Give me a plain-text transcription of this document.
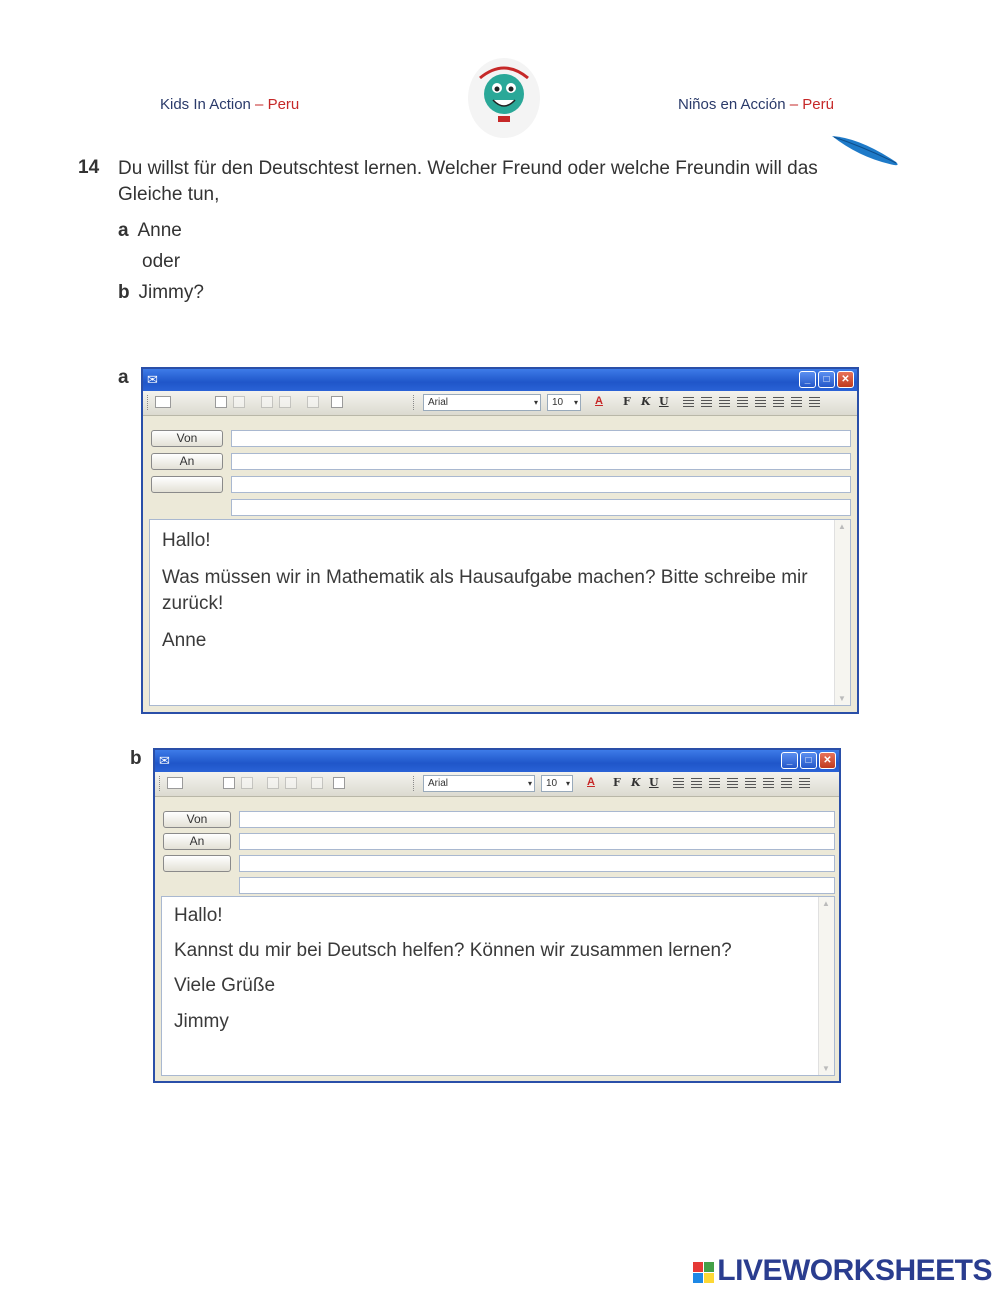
Kids In Action – Peru	Niños en Acción – Perú
14 Du willst für den Deutschtest lernen. Welcher Freund oder welche Freundin will das Gleiche tun,
a Anne
oder
b Jimmy?
a ✉	_	□	✕
Arial	▾	10 ▾ A F K U
Von
An
Hallo!
Was müssen wir in Mathematik als Hausaufgabe machen? Bitte schreibe mir zurück!
Anne
▲
▼
b ✉	_	□	✕
Arial	▾	10 ▾ A F K U
Von
An
Hallo!
Kannst du mir bei Deutsch helfen? Können wir zusammen lernen?
Viele Grüße
Jimmy
▲
▼
LIVEWORKSHEETS
